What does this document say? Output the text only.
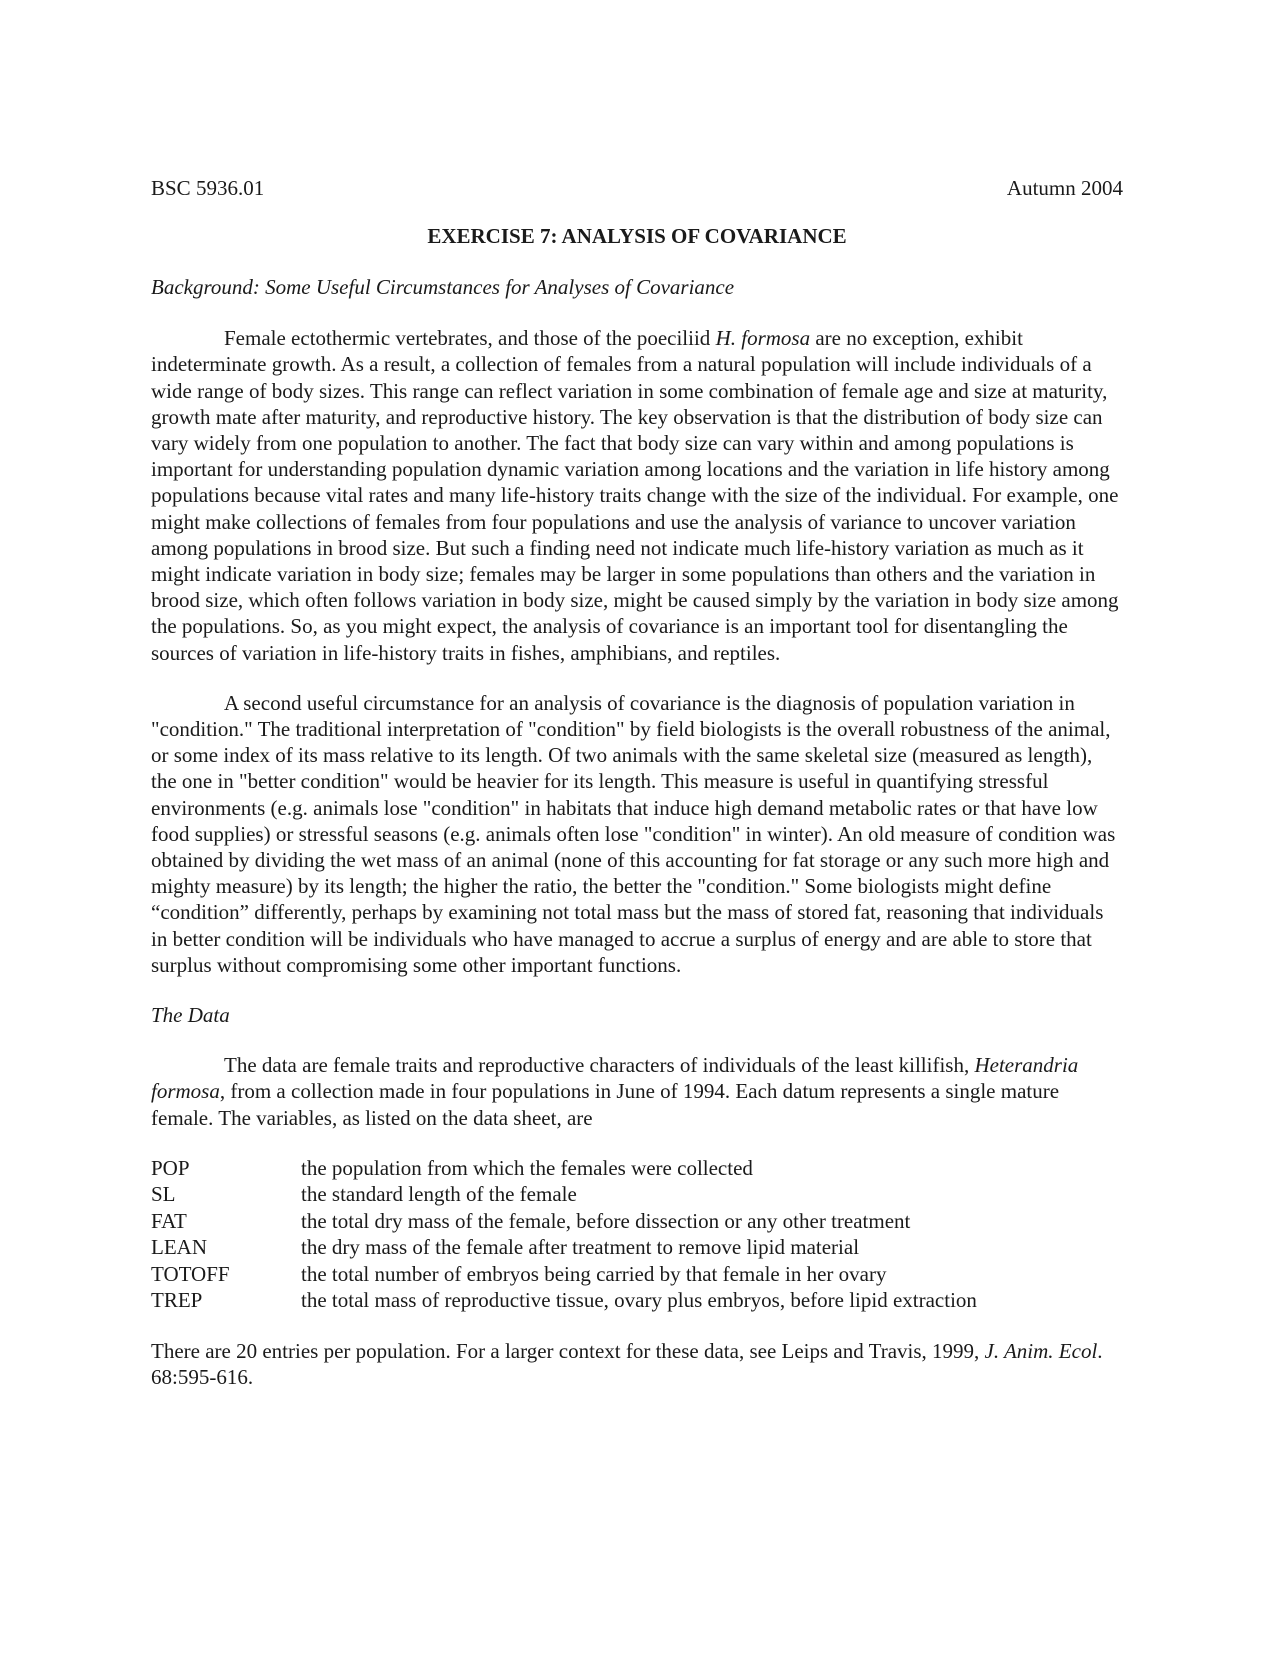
BSC 5936.01	Autumn 2004
EXERCISE 7: ANALYSIS OF COVARIANCE
Background: Some Useful Circumstances for Analyses of Covariance

Female ectothermic vertebrates, and those of the poeciliid H. formosa are no exception, exhibit indeterminate growth. As a result, a collection of females from a natural population will include individuals of a wide range of body sizes. This range can reflect variation in some combination of female age and size at maturity, growth mate after maturity, and reproductive history. The key observation is that the distribution of body size can vary widely from one population to another. The fact that body size can vary within and among populations is important for understanding population dynamic variation among locations and the variation in life history among populations because vital rates and many life-history traits change with the size of the individual. For example, one might make collections of females from four populations and use the analysis of variance to uncover variation among populations in brood size. But such a finding need not indicate much life-history variation as much as it might indicate variation in body size; females may be larger in some populations than others and the variation in brood size, which often follows variation in body size, might be caused simply by the variation in body size among the populations. So, as you might expect, the analysis of covariance is an important tool for disentangling the sources of variation in life-history traits in fishes, amphibians, and reptiles.

A second useful circumstance for an analysis of covariance is the diagnosis of population variation in "condition." The traditional interpretation of "condition" by field biologists is the overall robustness of the animal, or some index of its mass relative to its length. Of two animals with the same skeletal size (measured as length), the one in "better condition" would be heavier for its length. This measure is useful in quantifying stressful environments (e.g. animals lose "condition" in habitats that induce high demand metabolic rates or that have low food supplies) or stressful seasons (e.g. animals often lose "condition" in winter). An old measure of condition was obtained by dividing the wet mass of an animal (none of this accounting for fat storage or any such more high and mighty measure) by its length; the higher the ratio, the better the "condition." Some biologists might define “condition” differently, perhaps by examining not total mass but the mass of stored fat, reasoning that individuals in better condition will be individuals who have managed to accrue a surplus of energy and are able to store that surplus without compromising some other important functions.

The Data

The data are female traits and reproductive characters of individuals of the least killifish, Heterandria formosa, from a collection made in four populations in June of 1994. Each datum represents a single mature female. The variables, as listed on the data sheet, are

POP	the population from which the females were collected
SL	the standard length of the female
FAT	the total dry mass of the female, before dissection or any other treatment
LEAN	the dry mass of the female after treatment to remove lipid material
TOTOFF	the total number of embryos being carried by that female in her ovary
TREP	the total mass of reproductive tissue, ovary plus embryos, before lipid extraction

There are 20 entries per population. For a larger context for these data, see Leips and Travis, 1999, J. Anim. Ecol. 68:595-616.
